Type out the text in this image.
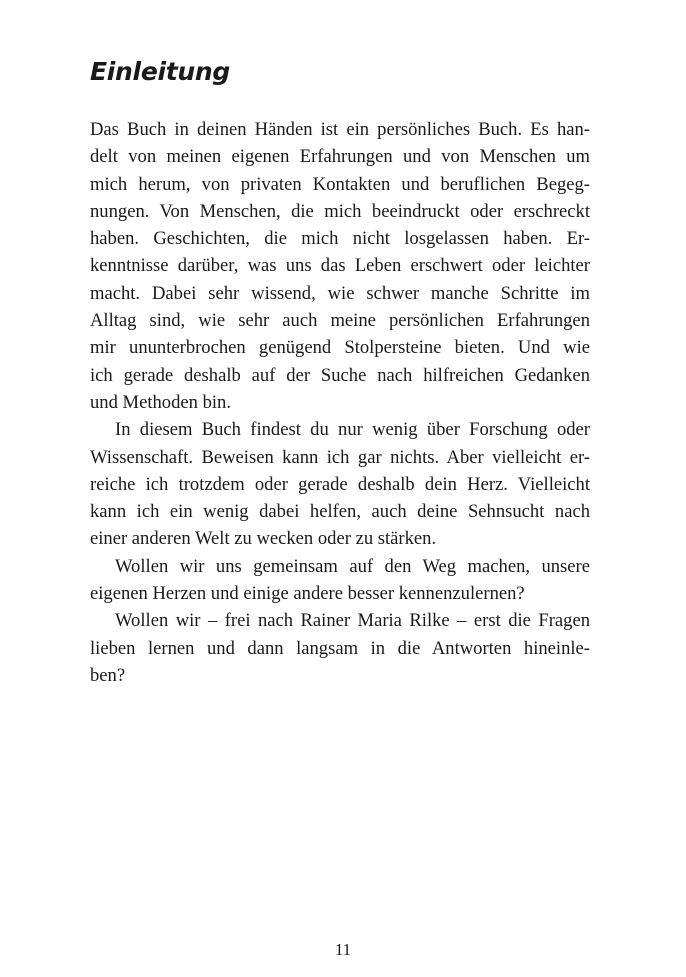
Einleitung
Das Buch in deinen Händen ist ein persönliches Buch. Es han-
delt von meinen eigenen Erfahrungen und von Menschen um
mich herum, von privaten Kontakten und beruflichen Begeg-
nungen. Von Menschen, die mich beeindruckt oder erschreckt
haben. Geschichten, die mich nicht losgelassen haben. Er-
kenntnisse darüber, was uns das Leben erschwert oder leichter
macht. Dabei sehr wissend, wie schwer manche Schritte im
Alltag sind, wie sehr auch meine persönlichen Erfahrungen
mir ununterbrochen genügend Stolpersteine bieten. Und wie
ich gerade deshalb auf der Suche nach hilfreichen Gedanken
und Methoden bin.
In diesem Buch findest du nur wenig über Forschung oder
Wissenschaft. Beweisen kann ich gar nichts. Aber vielleicht er-
reiche ich trotzdem oder gerade deshalb dein Herz. Vielleicht
kann ich ein wenig dabei helfen, auch deine Sehnsucht nach
einer anderen Welt zu wecken oder zu stärken.
Wollen wir uns gemeinsam auf den Weg machen, unsere
eigenen Herzen und einige andere besser kennenzulernen?
Wollen wir – frei nach Rainer Maria Rilke – erst die Fragen
lieben lernen und dann langsam in die Antworten hineinle-
ben?
11
